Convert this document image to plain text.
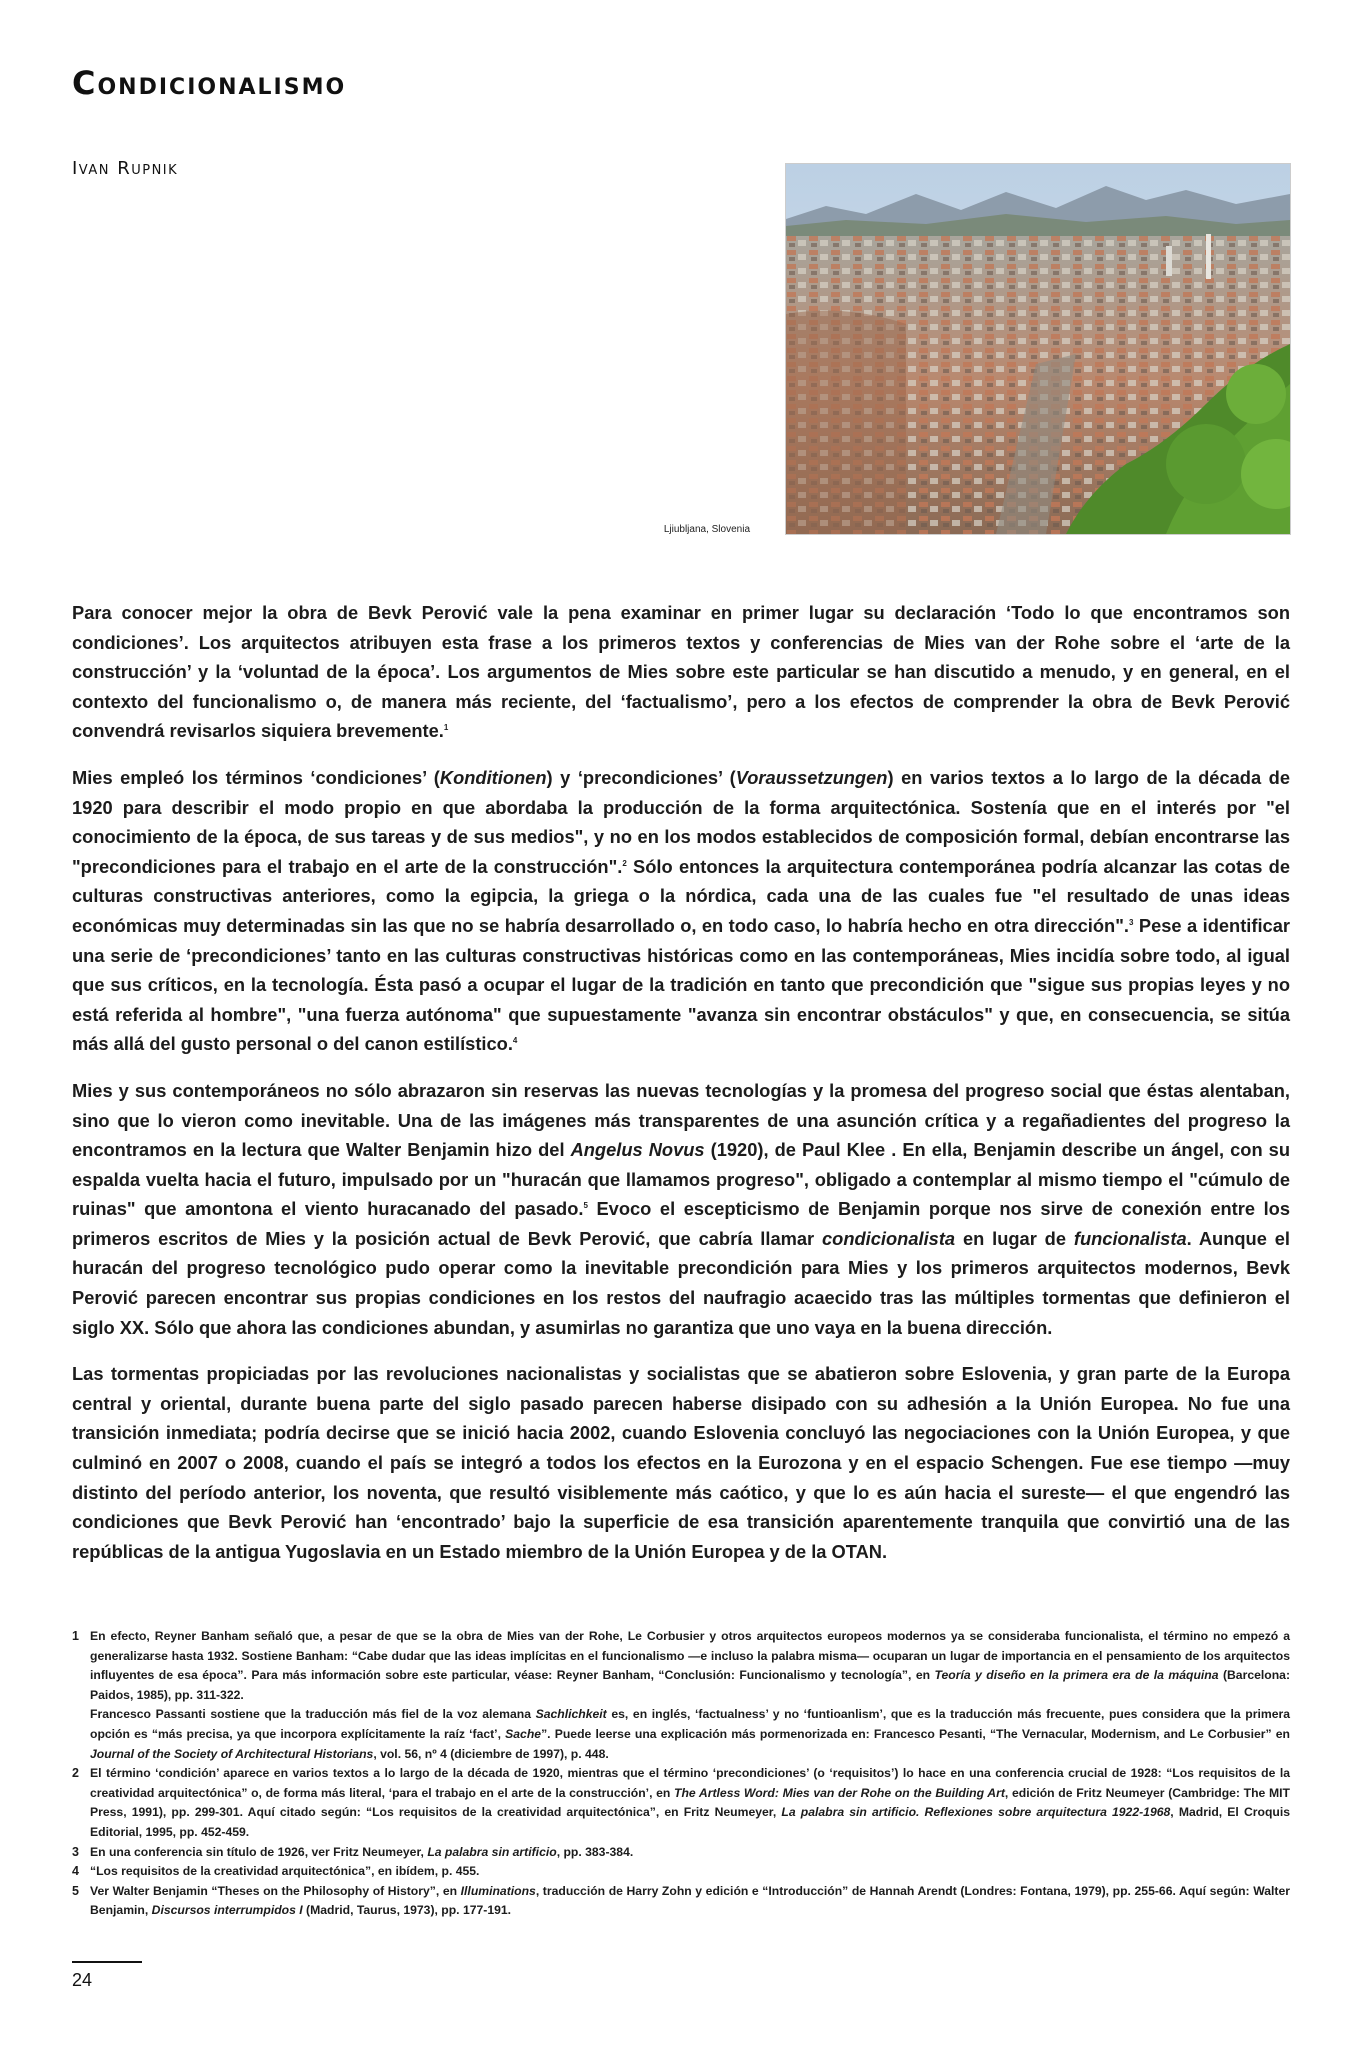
Condicionalismo
Ivan Rupnik
Ljiubljana, Slovenia

Para conocer mejor la obra de Bevk Perović vale la pena examinar en primer lugar su declaración ‘Todo lo que encontramos son condiciones’. Los arquitectos atribuyen esta frase a los primeros textos y conferencias de Mies van der Rohe sobre el ‘arte de la construcción’ y la ‘voluntad de la época’. Los argumentos de Mies sobre este particular se han discutido a menudo, y en general, en el contexto del funcionalismo o, de manera más reciente, del ‘factualismo’, pero a los efectos de comprender la obra de Bevk Perović convendrá revisarlos siquiera brevemente.$^1$

Mies empleó los términos ‘condiciones’ (Konditionen) y ‘precondiciones’ (Voraussetzungen) en varios textos a lo largo de la década de 1920 para describir el modo propio en que abordaba la producción de la forma arquitectónica. Sostenía que en el interés por "el conocimiento de la época, de sus tareas y de sus medios", y no en los modos establecidos de composición formal, debían encontrarse las "precondiciones para el trabajo en el arte de la construcción".$^2$ Sólo entonces la arquitectura contemporánea podría alcanzar las cotas de culturas constructivas anteriores, como la egipcia, la griega o la nórdica, cada una de las cuales fue "el resultado de unas ideas económicas muy determinadas sin las que no se habría desarrollado o, en todo caso, lo habría hecho en otra dirección".$^3$ Pese a identificar una serie de ‘precondiciones’ tanto en las culturas constructivas históricas como en las contemporáneas, Mies incidía sobre todo, al igual que sus críticos, en la tecnología. Ésta pasó a ocupar el lugar de la tradición en tanto que precondición que "sigue sus propias leyes y no está referida al hombre", "una fuerza autónoma" que supuestamente "avanza sin encontrar obstáculos" y que, en consecuencia, se sitúa más allá del gusto personal o del canon estilístico.$^4$

Mies y sus contemporáneos no sólo abrazaron sin reservas las nuevas tecnologías y la promesa del progreso social que éstas alentaban, sino que lo vieron como inevitable. Una de las imágenes más transparentes de una asunción crítica y a regañadientes del progreso la encontramos en la lectura que Walter Benjamin hizo del Angelus Novus (1920), de Paul Klee . En ella, Benjamin describe un ángel, con su espalda vuelta hacia el futuro, impulsado por un "huracán que llamamos progreso", obligado a contemplar al mismo tiempo el "cúmulo de ruinas" que amontona el viento huracanado del pasado.$^5$ Evoco el escepticismo de Benjamin porque nos sirve de conexión entre los primeros escritos de Mies y la posición actual de Bevk Perović, que cabría llamar condicionalista en lugar de funcionalista. Aunque el huracán del progreso tecnológico pudo operar como la inevitable precondición para Mies y los primeros arquitectos modernos, Bevk Perović parecen encontrar sus propias condiciones en los restos del naufragio acaecido tras las múltiples tormentas que definieron el siglo XX. Sólo que ahora las condiciones abundan, y asumirlas no garantiza que uno vaya en la buena dirección.

Las tormentas propiciadas por las revoluciones nacionalistas y socialistas que se abatieron sobre Eslovenia, y gran parte de la Europa central y oriental, durante buena parte del siglo pasado parecen haberse disipado con su adhesión a la Unión Europea. No fue una transición inmediata; podría decirse que se inició hacia 2002, cuando Eslovenia concluyó las negociaciones con la Unión Europea, y que culminó en 2007 o 2008, cuando el país se integró a todos los efectos en la Eurozona y en el espacio Schengen. Fue ese tiempo —muy distinto del período anterior, los noventa, que resultó visiblemente más caótico, y que lo es aún hacia el sureste— el que engendró las condiciones que Bevk Perović han ‘encontrado’ bajo la superficie de esa transición aparentemente tranquila que convirtió una de las repúblicas de la antigua Yugoslavia en un Estado miembro de la Unión Europea y de la OTAN.

1 En efecto, Reyner Banham señaló que, a pesar de que se la obra de Mies van der Rohe, Le Corbusier y otros arquitectos europeos modernos ya se consideraba funcionalista, el término no empezó a generalizarse hasta 1932. Sostiene Banham: “Cabe dudar que las ideas implícitas en el funcionalismo —e incluso la palabra misma— ocuparan un lugar de importancia en el pensamiento de los arquitectos influyentes de esa época”. Para más información sobre este particular, véase: Reyner Banham, “Conclusión: Funcionalismo y tecnología”, en Teoría y diseño en la primera era de la máquina (Barcelona: Paidos, 1985), pp. 311-322.
Francesco Passanti sostiene que la traducción más fiel de la voz alemana Sachlichkeit es, en inglés, ‘factualness’ y no ‘funtioanlism’, que es la traducción más frecuente, pues considera que la primera opción es “más precisa, ya que incorpora explícitamente la raíz ‘fact’, Sache”. Puede leerse una explicación más pormenorizada en: Francesco Pesanti, “The Vernacular, Modernism, and Le Corbusier” en Journal of the Society of Architectural Historians, vol. 56, nº 4 (diciembre de 1997), p. 448.
2 El término ‘condición’ aparece en varios textos a lo largo de la década de 1920, mientras que el término ‘precondiciones’ (o ‘requisitos’) lo hace en una conferencia crucial de 1928: “Los requisitos de la creatividad arquitectónica” o, de forma más literal, ‘para el trabajo en el arte de la construcción’, en The Artless Word: Mies van der Rohe on the Building Art, edición de Fritz Neumeyer (Cambridge: The MIT Press, 1991), pp. 299-301. Aquí citado según: “Los requisitos de la creatividad arquitectónica”, en Fritz Neumeyer, La palabra sin artificio. Reflexiones sobre arquitectura 1922-1968, Madrid, El Croquis Editorial, 1995, pp. 452-459.
3 En una conferencia sin título de 1926, ver Fritz Neumeyer, La palabra sin artificio, pp. 383-384.
4 “Los requisitos de la creatividad arquitectónica”, en ibídem, p. 455.
5 Ver Walter Benjamin “Theses on the Philosophy of History”, en Illuminations, traducción de Harry Zohn y edición e “Introducción” de Hannah Arendt (Londres: Fontana, 1979), pp. 255-66. Aquí según: Walter Benjamin, Discursos interrumpidos I (Madrid, Taurus, 1973), pp. 177-191.
24
